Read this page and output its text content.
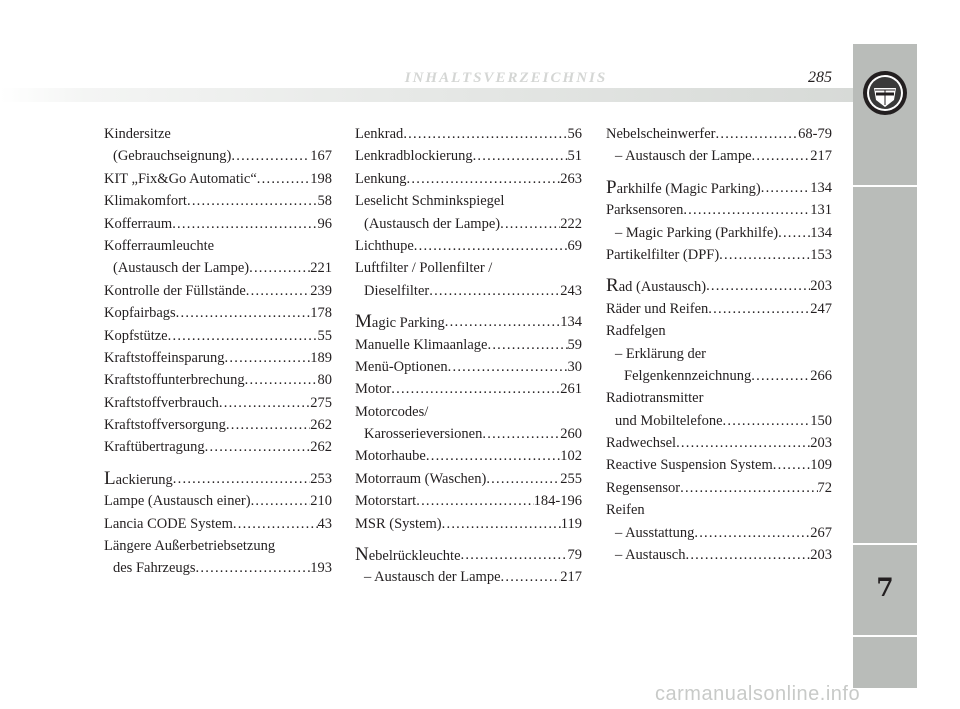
INHALTSVERZEICHNIS	285
7
Kindersitze
(Gebrauchseignung) . . .	167
KIT „Fix&Go Automatic“ . . .	198
Klimakomfort . . .	58
Kofferraum . . .	96
Kofferraumleuchte
(Austausch der Lampe) . . .	221
Kontrolle der Füllstände . . .	239
Kopfairbags . . .	178
Kopfstütze . . .	55
Kraftstoffeinsparung . . .	189
Kraftstoffunterbrechung . . .	80
Kraftstoffverbrauch . . .	275
Kraftstoffversorgung . . .	262
Kraftübertragung . . .	262
Lackierung . . .	253
Lampe (Austausch einer) . . .	210
Lancia CODE System . . .	43
Längere Außerbetriebsetzung
des Fahrzeugs . . .	193
Lenkrad . . .	56
Lenkradblockierung . . .	51
Lenkung . . .	263
Leselicht Schminkspiegel
(Austausch der Lampe) . . .	222
Lichthupe . . .	69
Luftfilter / Pollenfilter /
Dieselfilter . . .	243
Magic Parking . . .	134
Manuelle Klimaanlage . . .	59
Menü-Optionen . . .	30
Motor . . .	261
Motorcodes/
Karosserieversionen . . .	260
Motorhaube . . .	102
Motorraum (Waschen) . . .	255
Motorstart . . .	184-196
MSR (System) . . .	119
Nebelrückleuchte . . .	79
– Austausch der Lampe . . .	217
Nebelscheinwerfer . . .	68-79
– Austausch der Lampe . . .	217
Parkhilfe (Magic Parking) . . .	134
Parksensoren . . .	131
– Magic Parking (Parkhilfe) . . . 134
Partikelfilter (DPF) . . .	153
Rad (Austausch) . . .	203
Räder und Reifen . . .	247
Radfelgen
– Erklärung der
Felgenkennzeichnung . . .	266
Radiotransmitter
und Mobiltelefone . . .	150
Radwechsel . . .	203
Reactive Suspension System . . .	109
Regensensor . . .	72
Reifen
– Ausstattung . . .	267
– Austausch . . .	203
carmanualsonline.info
